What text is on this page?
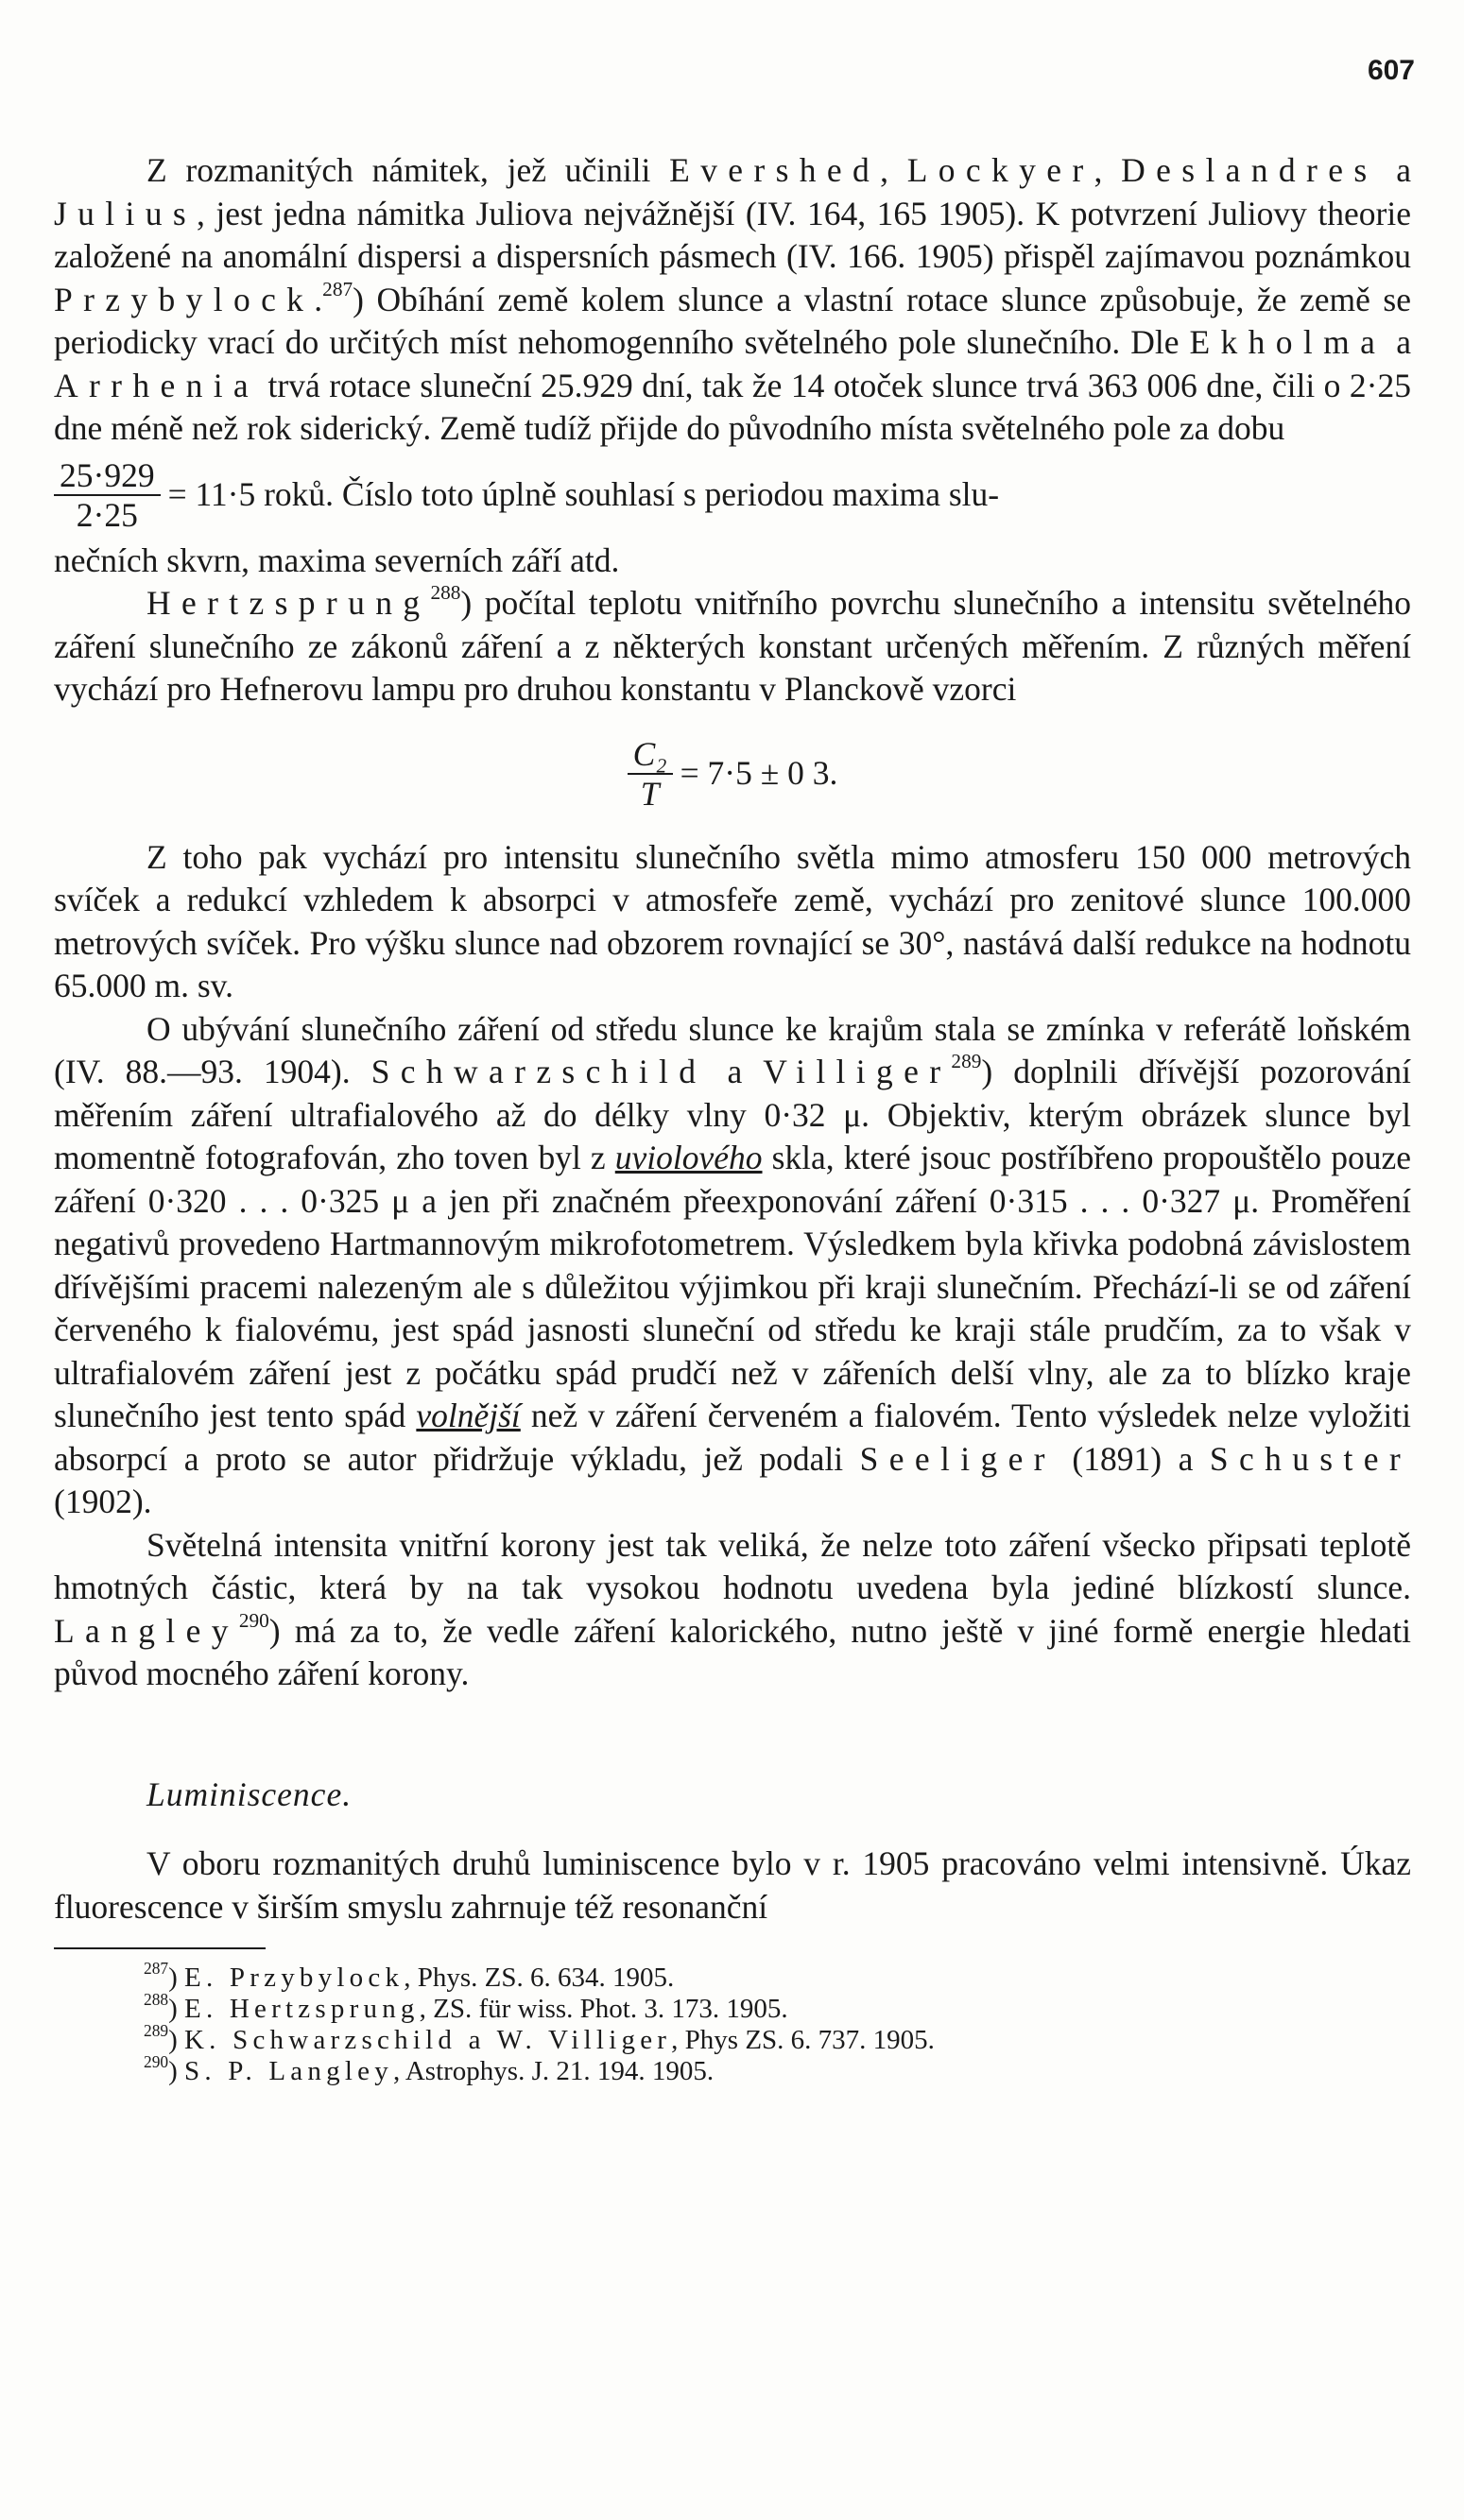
607

Z rozmanitých námitek, jež učinili Evershed, Lockyer, Deslandres a Julius, jest jedna námitka Juliova nejvážnější (IV. 164, 165 1905). K potvrzení Juliovy theorie založené na anomální dispersi a dispersních pásmech (IV. 166. 1905) přispěl zajímavou poznámkou Przybylock.$^{287}$) Obíhání země kolem slunce a vlastní rotace slunce způsobuje, že země se periodicky vrací do určitých míst nehomogenního světelného pole slunečního. Dle Ekholma a Arrhenia trvá rotace sluneční 25.929 dní, tak že 14 otoček slunce trvá 363 006 dne, čili o 2·25 dne méně než rok siderický. Země tudíž přijde do původního místa světelného pole za dobu

$\frac{25\cdot 929}{2\cdot 25} = 11\cdot 5$ roků. Číslo toto úplně souhlasí s periodou maxima slu-

nečních skvrn, maxima severních září atd.

Hertzsprung$^{288}$) počítal teplotu vnitřního povrchu slunečního a intensitu světelného záření slunečního ze zákonů záření a z některých konstant určených měřením. Z různých měření vychází pro Hefnerovu lampu pro druhou konstantu v Planckově vzorci

$\frac{\text{C₂}}{T} = 7\cdot 5 \pm 0$ 3.

Z toho pak vychází pro intensitu slunečního světla mimo atmosferu 150 000 metrových svíček a redukcí vzhledem k absorpci v atmosfeře země, vychází pro zenitové slunce 100.000 metrových svíček. Pro výšku slunce nad obzorem rovnající se 30°, nastává další redukce na hodnotu 65.000 m. sv.

O ubývání slunečního záření od středu slunce ke krajům stala se zmínka v referátě loňském (IV. 88.—93. 1904). Schwarzschild a Villiger$^{289}$) doplnili dřívější pozorování měřením záření ultrafialového až do délky vlny 0·32 μ. Objektiv, kterým obrázek slunce byl momentně fotografován, zho toven byl z uviolového skla, které jsouc postříbřeno propouštělo pouze záření 0·320 . . . 0·325 μ a jen při značném přeexponování záření 0·315 . . . 0·327 μ. Proměření negativů provedeno Hartmannovým mikrofotometrem. Výsledkem byla křivka podobná závislostem dřívějšími pracemi nalezeným ale s důležitou výjimkou při kraji slunečním. Přechází-li se od záření červeného k fialovému, jest spád jasnosti sluneční od středu ke kraji stále prudčím, za to však v ultrafialovém záření jest z počátku spád prudčí než v zářeních delší vlny, ale za to blízko kraje slunečního jest tento spád volnější než v záření červeném a fialovém. Tento výsledek nelze vyložiti absorpcí a proto se autor přidržuje výkladu, jež podali Seeliger (1891) a Schuster (1902).

Světelná intensita vnitřní korony jest tak veliká, že nelze toto záření všecko připsati teplotě hmotných částic, která by na tak vysokou hodnotu uvedena byla jediné blízkostí slunce. Langley$^{290}$) má za to, že vedle záření kalorického, nutno ještě v jiné formě energie hledati původ mocného záření korony.

Luminiscence.

V oboru rozmanitých druhů luminiscence bylo v r. 1905 pracováno velmi intensivně. Úkaz fluorescence v širším smyslu zahrnuje též resonanční

$^{287}$) E. Przybylock, Phys. ZS. 6. 634. 1905.

$^{288}$) E. Hertzsprung, ZS. für wiss. Phot. 3. 173. 1905.

$^{289}$) K. Schwarzschild a W. Villiger, Phys ZS. 6. 737. 1905.

$^{290}$) S. P. Langley, Astrophys. J. 21. 194. 1905.
